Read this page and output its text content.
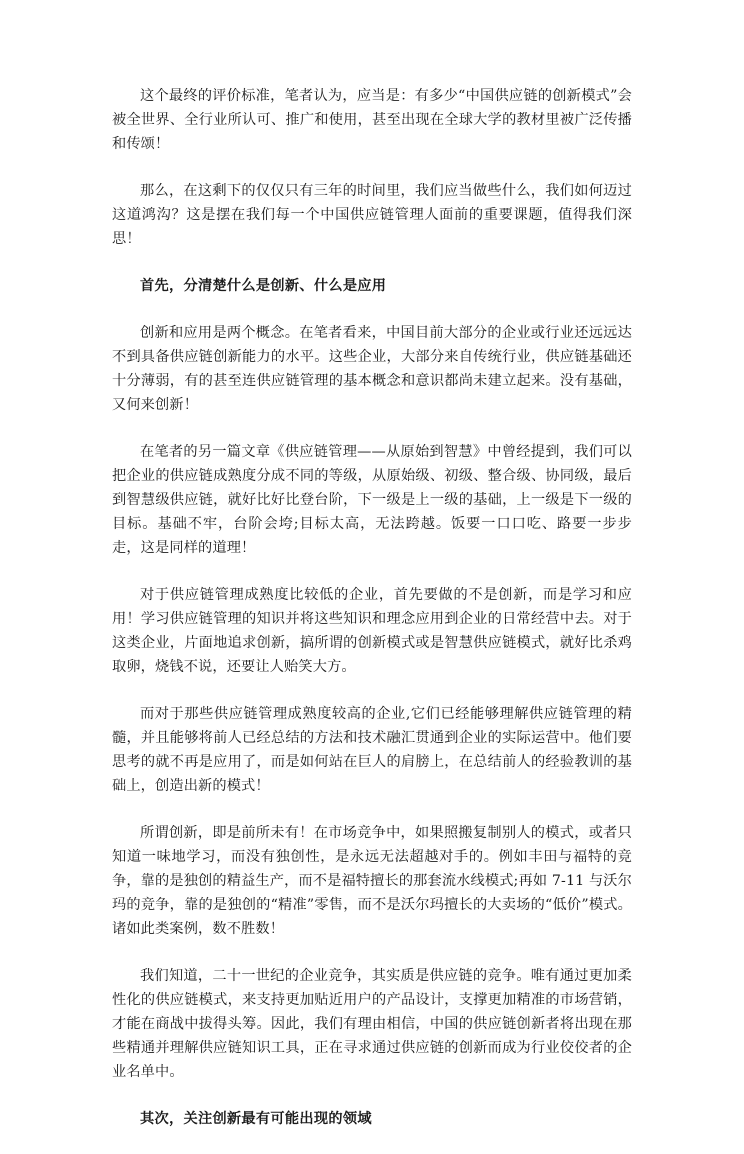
这个最终的评价标准，笔者认为，应当是：有多少“中国供应链的创新模式”会被全世界、全行业所认可、推广和使用，甚至出现在全球大学的教材里被广泛传播和传颂！

那么，在这剩下的仅仅只有三年的时间里，我们应当做些什么，我们如何迈过这道鸿沟？这是摆在我们每一个中国供应链管理人面前的重要课题，值得我们深思！

首先，分清楚什么是创新、什么是应用

创新和应用是两个概念。在笔者看来，中国目前大部分的企业或行业还远远达不到具备供应链创新能力的水平。这些企业，大部分来自传统行业，供应链基础还十分薄弱，有的甚至连供应链管理的基本概念和意识都尚未建立起来。没有基础，又何来创新！

在笔者的另一篇文章《供应链管理——从原始到智慧》中曾经提到，我们可以把企业的供应链成熟度分成不同的等级，从原始级、初级、整合级、协同级，最后到智慧级供应链，就好比好比登台阶，下一级是上一级的基础，上一级是下一级的目标。基础不牢，台阶会垮;目标太高，无法跨越。饭要一口口吃、路要一步步走，这是同样的道理！

对于供应链管理成熟度比较低的企业，首先要做的不是创新，而是学习和应用！学习供应链管理的知识并将这些知识和理念应用到企业的日常经营中去。对于这类企业，片面地追求创新，搞所谓的创新模式或是智慧供应链模式，就好比杀鸡取卵，烧钱不说，还要让人贻笑大方。

而对于那些供应链管理成熟度较高的企业,它们已经能够理解供应链管理的精髓，并且能够将前人已经总结的方法和技术融汇贯通到企业的实际运营中。他们要思考的就不再是应用了，而是如何站在巨人的肩膀上，在总结前人的经验教训的基础上，创造出新的模式！

所谓创新，即是前所未有！在市场竞争中，如果照搬复制别人的模式，或者只知道一味地学习，而没有独创性，是永远无法超越对手的。例如丰田与福特的竞争，靠的是独创的精益生产，而不是福特擅长的那套流水线模式;再如 7-11 与沃尔玛的竞争，靠的是独创的“精准”零售，而不是沃尔玛擅长的大卖场的“低价”模式。诸如此类案例，数不胜数！

我们知道，二十一世纪的企业竞争，其实质是供应链的竞争。唯有通过更加柔性化的供应链模式，来支持更加贴近用户的产品设计，支撑更加精准的市场营销，才能在商战中拔得头筹。因此，我们有理由相信，中国的供应链创新者将出现在那些精通并理解供应链知识工具，正在寻求通过供应链的创新而成为行业佼佼者的企业名单中。

其次，关注创新最有可能出现的领域
